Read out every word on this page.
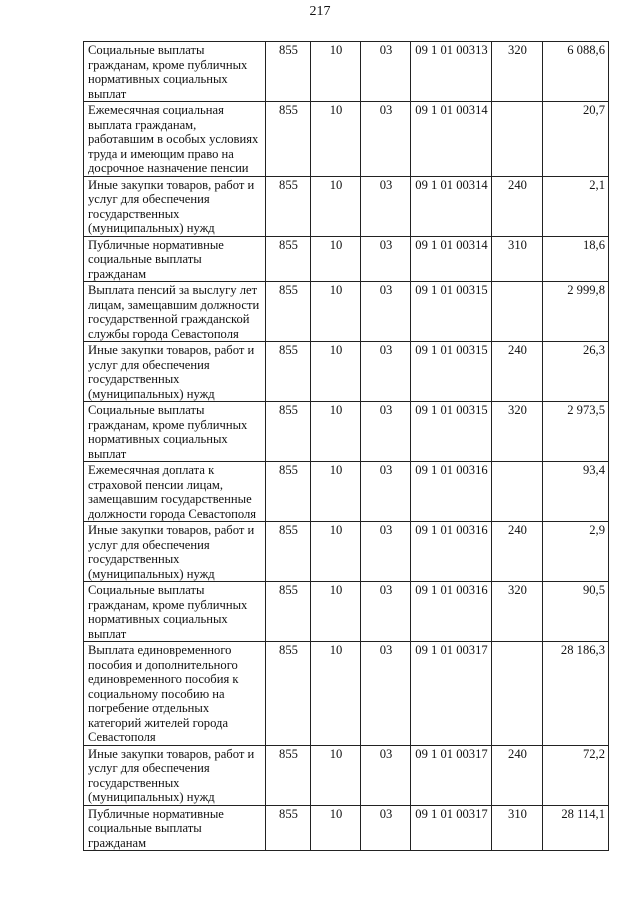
217
Социальные выплаты гражданам, кроме публичных нормативных социальных выплат	855	10	03	09 1 01 00313	320	6 088,6
Ежемесячная социальная выплата гражданам, работавшим в особых условиях труда и имеющим право на досрочное назначение пенсии	855	10	03	09 1 01 00314		20,7
Иные закупки товаров, работ и услуг для обеспечения государственных (муниципальных) нужд	855	10	03	09 1 01 00314	240	2,1
Публичные нормативные социальные выплаты гражданам	855	10	03	09 1 01 00314	310	18,6
Выплата пенсий за выслугу лет лицам, замещавшим должности государственной гражданской службы города Севастополя	855	10	03	09 1 01 00315		2 999,8
Иные закупки товаров, работ и услуг для обеспечения государственных (муниципальных) нужд	855	10	03	09 1 01 00315	240	26,3
Социальные выплаты гражданам, кроме публичных нормативных социальных выплат	855	10	03	09 1 01 00315	320	2 973,5
Ежемесячная доплата к страховой пенсии лицам, замещавшим государственные должности города Севастополя	855	10	03	09 1 01 00316		93,4
Иные закупки товаров, работ и услуг для обеспечения государственных (муниципальных) нужд	855	10	03	09 1 01 00316	240	2,9
Социальные выплаты гражданам, кроме публичных нормативных социальных выплат	855	10	03	09 1 01 00316	320	90,5
Выплата единовременного пособия и дополнительного единовременного пособия к социальному пособию на погребение отдельных категорий жителей города Севастополя	855	10	03	09 1 01 00317		28 186,3
Иные закупки товаров, работ и услуг для обеспечения государственных (муниципальных) нужд	855	10	03	09 1 01 00317	240	72,2
Публичные нормативные социальные выплаты гражданам	855	10	03	09 1 01 00317	310	28 114,1
